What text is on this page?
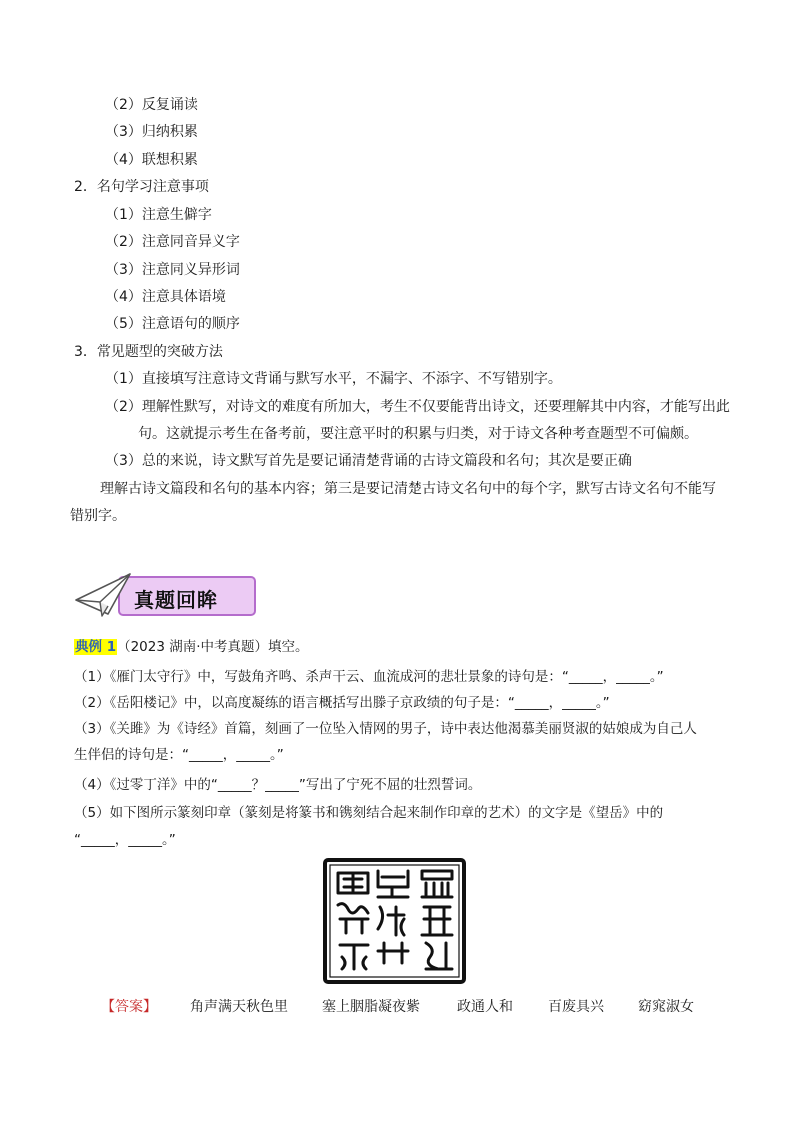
（2）反复诵读
（3）归纳积累
（4）联想积累
2．名句学习注意事项
（1）注意生僻字
（2）注意同音异义字
（3）注意同义异形词
（4）注意具体语境
（5）注意语句的顺序
3．常见题型的突破方法
（1）直接填写注意诗文背诵与默写水平，不漏字、不添字、不写错别字。
（2）理解性默写，对诗文的难度有所加大，考生不仅要能背出诗文，还要理解其中内容，才能写出此
句。这就提示考生在备考前，要注意平时的积累与归类，对于诗文各种考查题型不可偏颇。
（3）总的来说，诗文默写首先是要记诵清楚背诵的古诗文篇段和名句；其次是要正确
理解古诗文篇段和名句的基本内容；第三是要记清楚古诗文名句中的每个字，默写古诗文名句不能写
错别字。
真题回眸
典例 1（2023 湖南·中考真题）填空。
（1）《雁门太守行》中，写鼓角齐鸣、杀声干云、血流成河的悲壮景象的诗句是：“_____，_____。”
（2）《岳阳楼记》中，以高度凝练的语言概括写出滕子京政绩的句子是：“_____，_____。”
（3）《关雎》为《诗经》首篇，刻画了一位坠入情网的男子，诗中表达他渴慕美丽贤淑的姑娘成为自己人
生伴侣的诗句是：“_____，_____。”
（4）《过零丁洋》中的“_____？_____”写出了宁死不屈的壮烈誓词。
（5）如下图所示篆刻印章（篆刻是将篆书和镌刻结合起来制作印章的艺术）的文字是《望岳》中的
“_____，_____。”
【答案】 角声满天秋色里 塞上胭脂凝夜紫	政通人和	百废具兴 窈窕淑女
